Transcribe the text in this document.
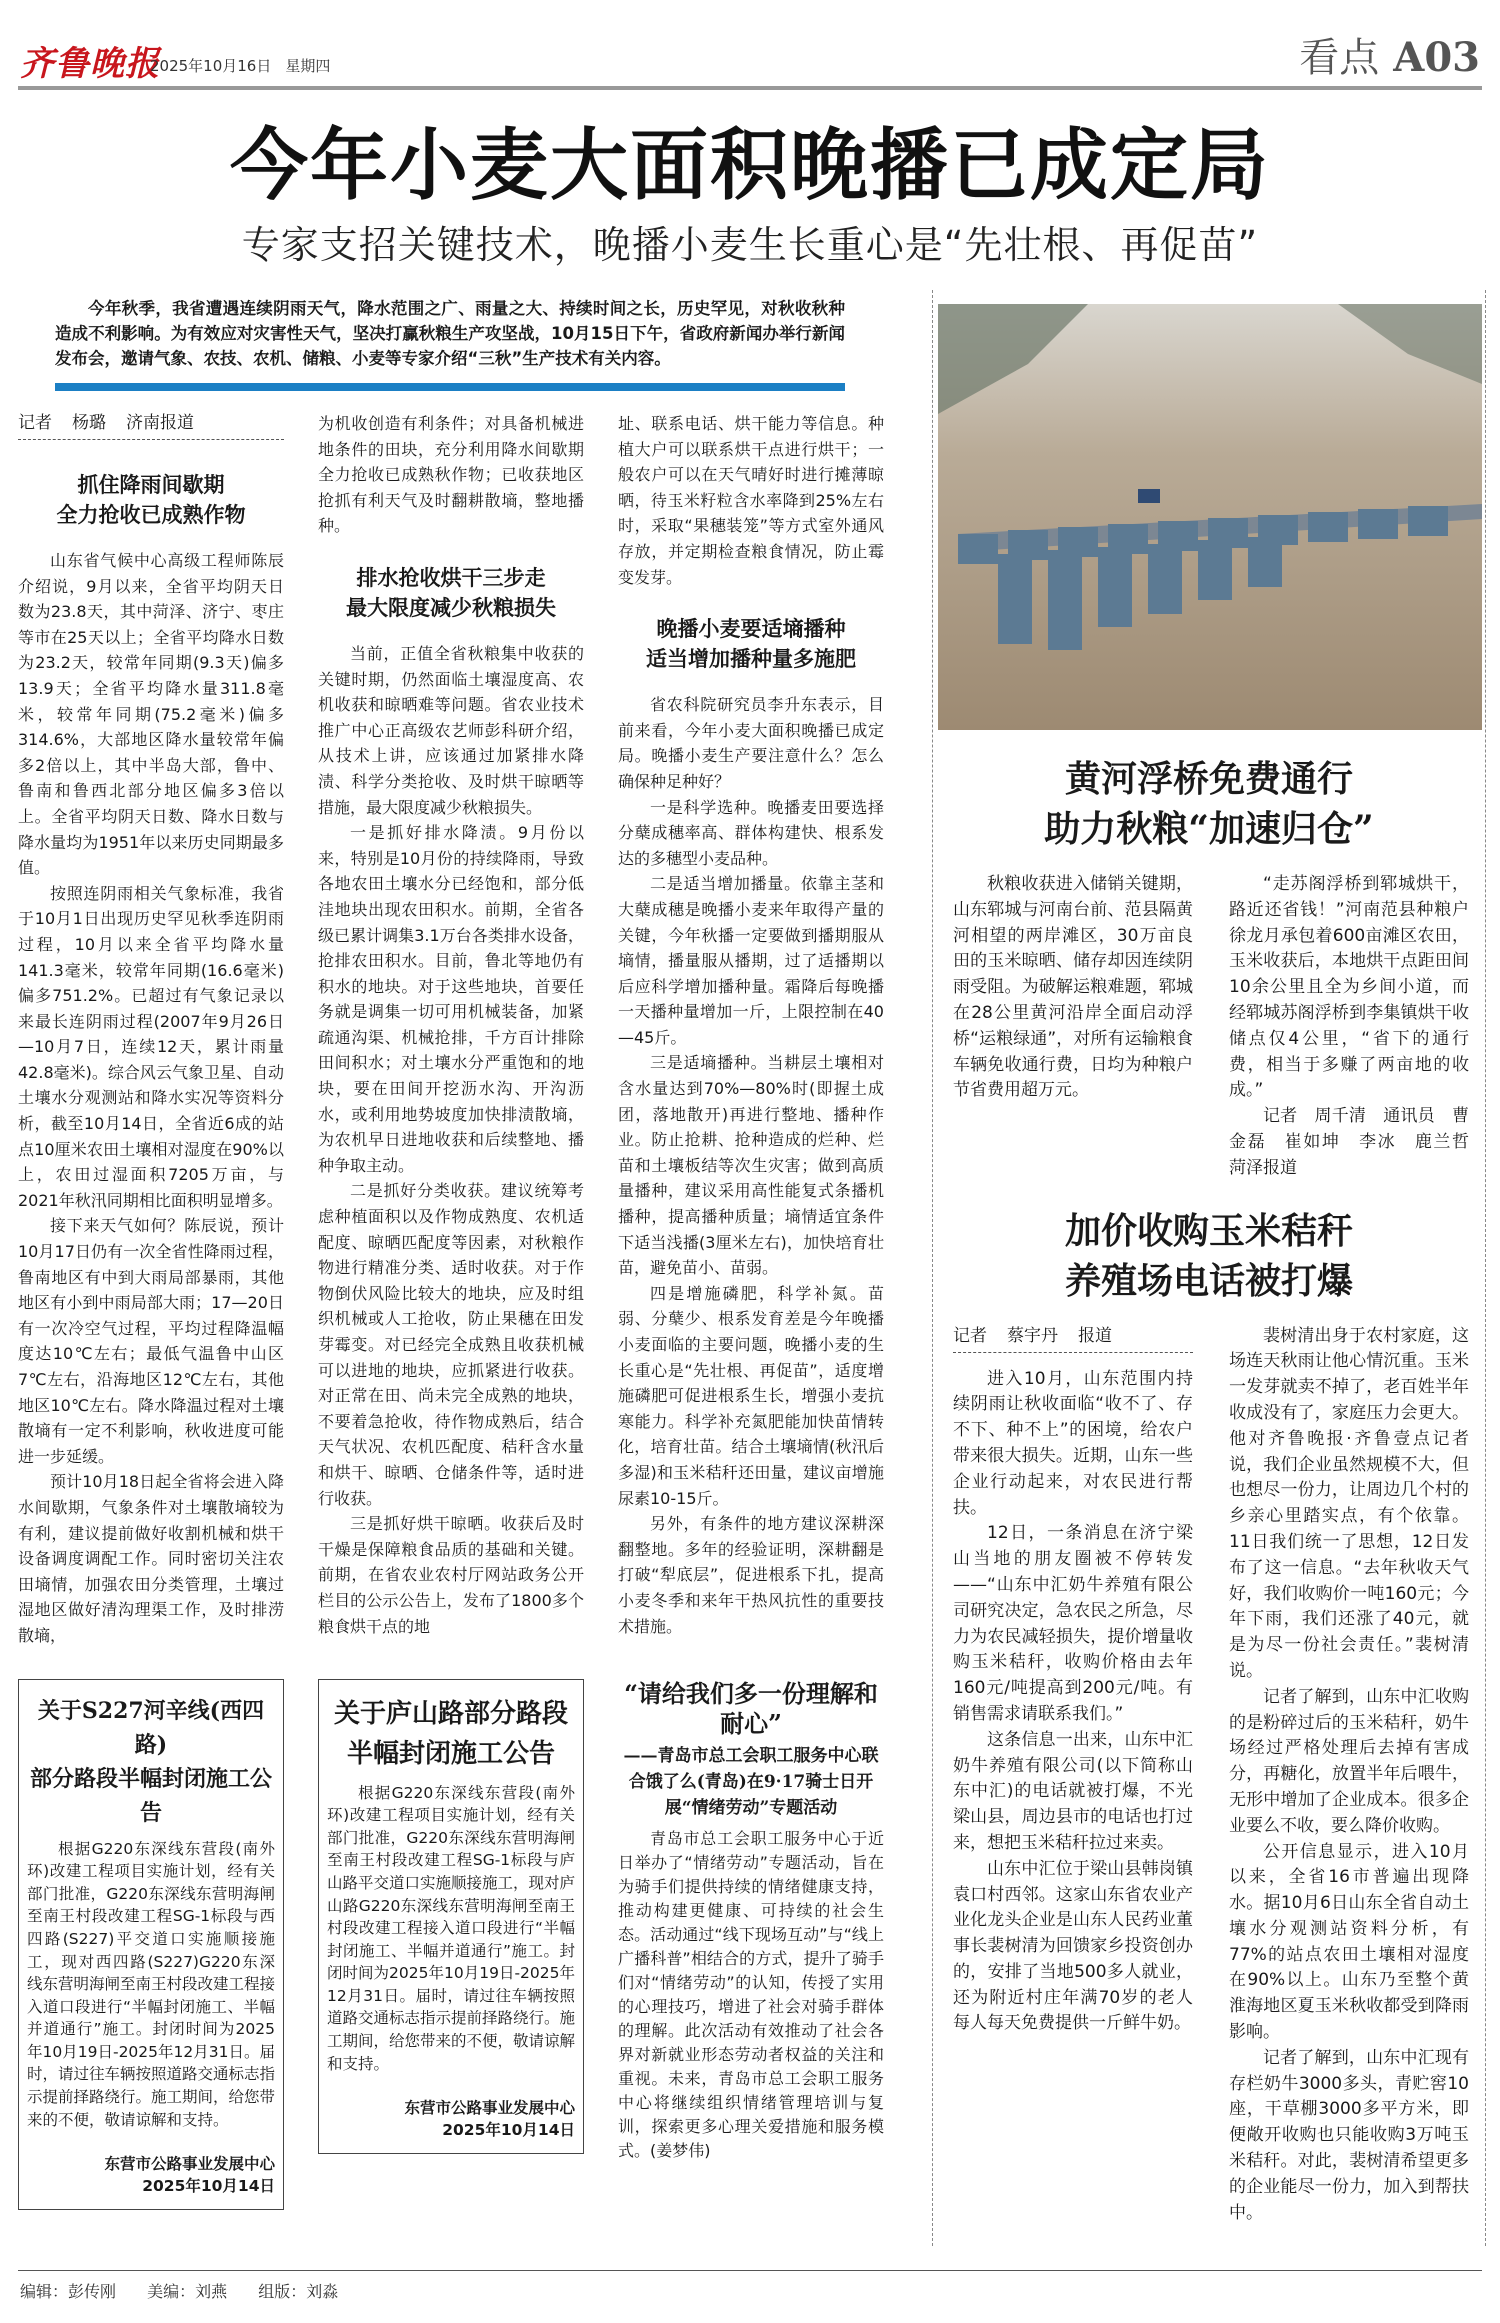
齐鲁晚报
2025年10月16日 星期四	看点 A03
今年小麦大面积晚播已成定局
专家支招关键技术，晚播小麦生长重心是“先壮根、再促苗”
今年秋季，我省遭遇连续阴雨天气，降水范围之广、雨量之大、持续时间之长，历史罕见，对秋收秋种造成不利影响。为有效应对灾害性天气，坚决打赢秋粮生产攻坚战，10月15日下午，省政府新闻办举行新闻发布会，邀请气象、农技、农机、储粮、小麦等专家介绍“三秋”生产技术有关内容。
记者 杨璐 济南报道
抓住降雨间歇期
全力抢收已成熟作物

山东省气候中心高级工程师陈辰介绍说，9月以来，全省平均阴天日数为23.8天，其中菏泽、济宁、枣庄等市在25天以上；全省平均降水日数为23.2天，较常年同期(9.3天)偏多13.9天；全省平均降水量311.8毫米，较常年同期(75.2毫米)偏多314.6%，大部地区降水量较常年偏多2倍以上，其中半岛大部，鲁中、鲁南和鲁西北部分地区偏多3倍以上。全省平均阴天日数、降水日数与降水量均为1951年以来历史同期最多值。

按照连阴雨相关气象标准，我省于10月1日出现历史罕见秋季连阴雨过程，10月以来全省平均降水量141.3毫米，较常年同期(16.6毫米)偏多751.2%。已超过有气象记录以来最长连阴雨过程(2007年9月26日—10月7日，连续12天，累计雨量42.8毫米)。综合风云气象卫星、自动土壤水分观测站和降水实况等资料分析，截至10月14日，全省近6成的站点10厘米农田土壤相对湿度在90%以上，农田过湿面积7205万亩，与2021年秋汛同期相比面积明显增多。

接下来天气如何？陈辰说，预计10月17日仍有一次全省性降雨过程，鲁南地区有中到大雨局部暴雨，其他地区有小到中雨局部大雨；17—20日有一次冷空气过程，平均过程降温幅度达10℃左右；最低气温鲁中山区7℃左右，沿海地区12℃左右，其他地区10℃左右。降水降温过程对土壤散墒有一定不利影响，秋收进度可能进一步延缓。

预计10月18日起全省将会进入降水间歇期，气象条件对土壤散墒较为有利，建议提前做好收割机械和烘干设备调度调配工作。同时密切关注农田墒情，加强农田分类管理，土壤过湿地区做好清沟理渠工作，及时排涝散墒，

为机收创造有利条件；对具备机械进地条件的田块，充分利用降水间歇期全力抢收已成熟秋作物；已收获地区抢抓有利天气及时翻耕散墒，整地播种。

排水抢收烘干三步走
最大限度减少秋粮损失

当前，正值全省秋粮集中收获的关键时期，仍然面临土壤湿度高、农机收获和晾晒难等问题。省农业技术推广中心正高级农艺师彭科研介绍，从技术上讲，应该通过加紧排水降渍、科学分类抢收、及时烘干晾晒等措施，最大限度减少秋粮损失。

一是抓好排水降渍。9月份以来，特别是10月份的持续降雨，导致各地农田土壤水分已经饱和，部分低洼地块出现农田积水。前期，全省各级已累计调集3.1万台各类排水设备，抢排农田积水。目前，鲁北等地仍有积水的地块。对于这些地块，首要任务就是调集一切可用机械装备，加紧疏通沟渠、机械抢排，千方百计排除田间积水；对土壤水分严重饱和的地块，要在田间开挖沥水沟、开沟沥水，或利用地势坡度加快排渍散墒，为农机早日进地收获和后续整地、播种争取主动。

二是抓好分类收获。建议统筹考虑种植面积以及作物成熟度、农机适配度、晾晒匹配度等因素，对秋粮作物进行精准分类、适时收获。对于作物倒伏风险比较大的地块，应及时组织机械或人工抢收，防止果穗在田发芽霉变。对已经完全成熟且收获机械可以进地的地块，应抓紧进行收获。对正常在田、尚未完全成熟的地块，不要着急抢收，待作物成熟后，结合天气状况、农机匹配度、秸秆含水量和烘干、晾晒、仓储条件等，适时进行收获。

三是抓好烘干晾晒。收获后及时干燥是保障粮食品质的基础和关键。前期，在省农业农村厅网站政务公开栏目的公示公告上，发布了1800多个粮食烘干点的地

址、联系电话、烘干能力等信息。种植大户可以联系烘干点进行烘干；一般农户可以在天气晴好时进行摊薄晾晒，待玉米籽粒含水率降到25%左右时，采取“果穗装笼”等方式室外通风存放，并定期检查粮食情况，防止霉变发芽。

晚播小麦要适墒播种
适当增加播种量多施肥

省农科院研究员李升东表示，目前来看，今年小麦大面积晚播已成定局。晚播小麦生产要注意什么？怎么确保种足种好？

一是科学选种。晚播麦田要选择分蘖成穗率高、群体构建快、根系发达的多穗型小麦品种。

二是适当增加播量。依靠主茎和大蘖成穗是晚播小麦来年取得产量的关键，今年秋播一定要做到播期服从墒情，播量服从播期，过了适播期以后应科学增加播种量。霜降后每晚播一天播种量增加一斤，上限控制在40—45斤。

三是适墒播种。当耕层土壤相对含水量达到70%—80%时(即握土成团，落地散开)再进行整地、播种作业。防止抢耕、抢种造成的烂种、烂苗和土壤板结等次生灾害；做到高质量播种，建议采用高性能复式条播机播种，提高播种质量；墒情适宜条件下适当浅播(3厘米左右)，加快培育壮苗，避免苗小、苗弱。

四是增施磷肥，科学补氮。苗弱、分蘖少、根系发育差是今年晚播小麦面临的主要问题，晚播小麦的生长重心是“先壮根、再促苗”，适度增施磷肥可促进根系生长，增强小麦抗寒能力。科学补充氮肥能加快苗情转化，培育壮苗。结合土壤墒情(秋汛后多湿)和玉米秸秆还田量，建议亩增施尿素10-15斤。

另外，有条件的地方建议深耕深翻整地。多年的经验证明，深耕翻是打破“犁底层”，促进根系下扎，提高小麦冬季和来年干热风抗性的重要技术措施。

关于S227河辛线(西四路)
部分路段半幅封闭施工公告

根据G220东深线东营段(南外环)改建工程项目实施计划，经有关部门批准，G220东深线东营明海闸至南王村段改建工程SG-1标段与西四路(S227)平交道口实施顺接施工，现对西四路(S227)G220东深线东营明海闸至南王村段改建工程接入道口段进行“半幅封闭施工、半幅并道通行”施工。封闭时间为2025年10月19日-2025年12月31日。届时，请过往车辆按照道路交通标志指示提前择路绕行。施工期间，给您带来的不便，敬请谅解和支持。

东营市公路事业发展中心
2025年10月14日
关于庐山路部分路段
半幅封闭施工公告

根据G220东深线东营段(南外环)改建工程项目实施计划，经有关部门批准，G220东深线东营明海闸至南王村段改建工程SG-1标段与庐山路平交道口实施顺接施工，现对庐山路G220东深线东营明海闸至南王村段改建工程接入道口段进行“半幅封闭施工、半幅并道通行”施工。封闭时间为2025年10月19日-2025年12月31日。届时，请过往车辆按照道路交通标志指示提前择路绕行。施工期间，给您带来的不便，敬请谅解和支持。

东营市公路事业发展中心
2025年10月14日
“请给我们多一份理解和耐心”
——青岛市总工会职工服务中心联合饿了么(青岛)在9·17骑士日开展“情绪劳动”专题活动

青岛市总工会职工服务中心于近日举办了“情绪劳动”专题活动，旨在为骑手们提供持续的情绪健康支持，推动构建更健康、可持续的社会生态。活动通过“线下现场互动”与“线上广播科普”相结合的方式，提升了骑手们对“情绪劳动”的认知，传授了实用的心理技巧，增进了社会对骑手群体的理解。此次活动有效推动了社会各界对新就业形态劳动者权益的关注和重视。未来，青岛市总工会职工服务中心将继续组织情绪管理培训与复训，探索更多心理关爱措施和服务模式。(姜梦伟)

黄河浮桥免费通行
助力秋粮“加速归仓”

秋粮收获进入储销关键期，山东郓城与河南台前、范县隔黄河相望的两岸滩区，30万亩良田的玉米晾晒、储存却因连续阴雨受阻。为破解运粮难题，郓城在28公里黄河沿岸全面启动浮桥“运粮绿通”，对所有运输粮食车辆免收通行费，日均为种粮户节省费用超万元。

“走苏阁浮桥到郓城烘干，路近还省钱！”河南范县种粮户徐龙月承包着600亩滩区农田，玉米收获后，本地烘干点距田间10余公里且全为乡间小道，而经郓城苏阁浮桥到李集镇烘干收储点仅4公里，“省下的通行费，相当于多赚了两亩地的收成。”

记者　周千清　通讯员　曹金磊　崔如坤　李冰　鹿兰哲　菏泽报道

加价收购玉米秸秆
养殖场电话被打爆
记者 蔡宇丹 报道

进入10月，山东范围内持续阴雨让秋收面临“收不了、存不下、种不上”的困境，给农户带来很大损失。近期，山东一些企业行动起来，对农民进行帮扶。

12日，一条消息在济宁梁山当地的朋友圈被不停转发——“山东中汇奶牛养殖有限公司研究决定，急农民之所急，尽力为农民减轻损失，提价增量收购玉米秸秆，收购价格由去年160元/吨提高到200元/吨。有销售需求请联系我们。”

这条信息一出来，山东中汇奶牛养殖有限公司(以下简称山东中汇)的电话就被打爆，不光梁山县，周边县市的电话也打过来，想把玉米秸秆拉过来卖。

山东中汇位于梁山县韩岗镇袁口村西邻。这家山东省农业产业化龙头企业是山东人民药业董事长裴树清为回馈家乡投资创办的，安排了当地500多人就业，还为附近村庄年满70岁的老人每人每天免费提供一斤鲜牛奶。

裴树清出身于农村家庭，这场连天秋雨让他心情沉重。玉米一发芽就卖不掉了，老百姓半年收成没有了，家庭压力会更大。他对齐鲁晚报·齐鲁壹点记者说，我们企业虽然规模不大，但也想尽一份力，让周边几个村的乡亲心里踏实点，有个依靠。11日我们统一了思想，12日发布了这一信息。“去年秋收天气好，我们收购价一吨160元；今年下雨，我们还涨了40元，就是为尽一份社会责任。”裴树清说。

记者了解到，山东中汇收购的是粉碎过后的玉米秸秆，奶牛场经过严格处理后去掉有害成分，再糖化，放置半年后喂牛，无形中增加了企业成本。很多企业要么不收，要么降价收购。

公开信息显示，进入10月以来，全省16市普遍出现降水。据10月6日山东全省自动土壤水分观测站资料分析，有77%的站点农田土壤相对湿度在90%以上。山东乃至整个黄淮海地区夏玉米秋收都受到降雨影响。

记者了解到，山东中汇现有存栏奶牛3000多头，青贮窖10座，干草棚3000多平方米，即便敞开收购也只能收购3万吨玉米秸秆。对此，裴树清希望更多的企业能尽一份力，加入到帮扶中。

编辑：彭传刚 美编：刘燕 组版：刘淼
